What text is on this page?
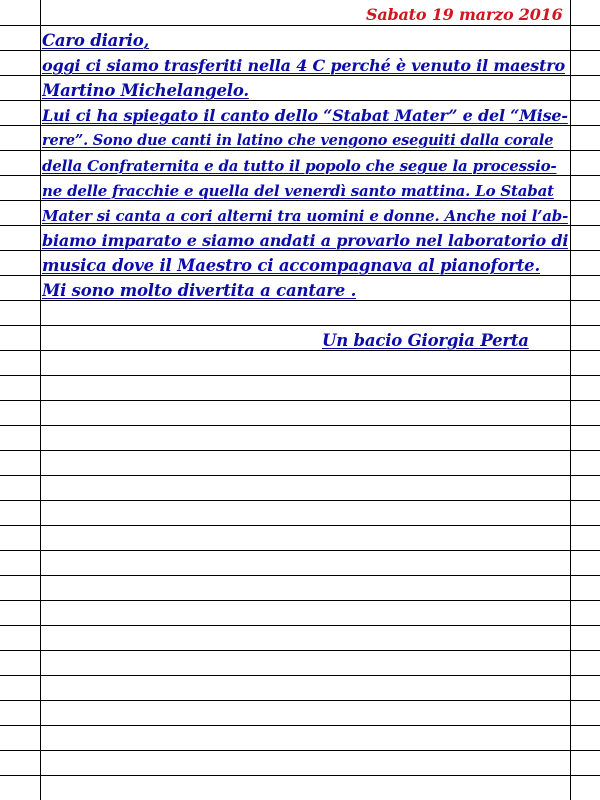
Sabato 19 marzo 2016
Caro diario,
oggi ci siamo trasferiti nella 4 C perché è venuto il maestro
Martino Michelangelo.
Lui ci ha spiegato il canto dello “Stabat Mater” e del “Mise-
rere”. Sono due canti in latino che vengono eseguiti dalla corale
della Confraternita e da tutto il popolo che segue la processio-
ne delle fracchie e quella del venerdì santo mattina. Lo Stabat
Mater si canta a cori alterni tra uomini e donne. Anche noi l’ab-
biamo imparato e siamo andati a provarlo nel laboratorio di
musica dove il Maestro ci accompagnava al pianoforte.
Mi sono molto divertita a cantare .
Un bacio Giorgia Perta
